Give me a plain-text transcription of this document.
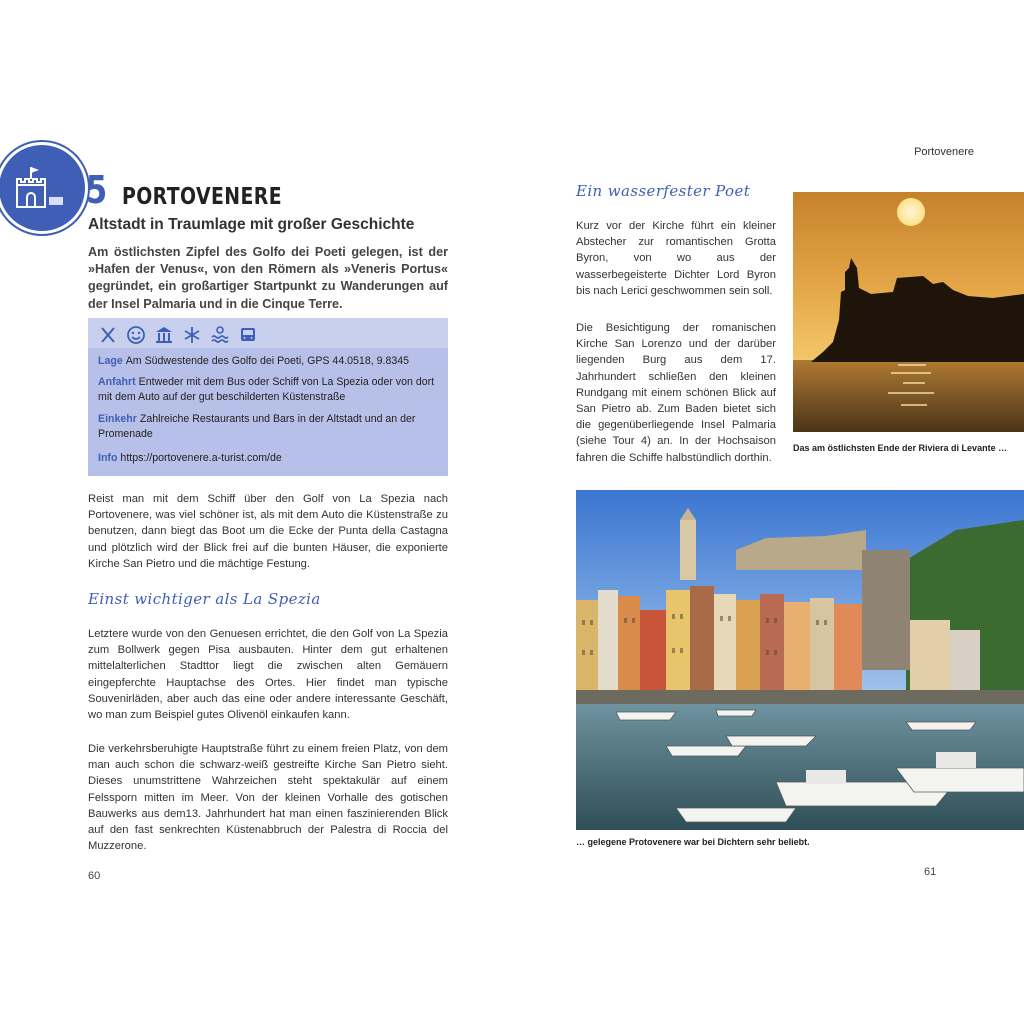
5 PORTOVENERE
Altstadt in Traumlage mit großer Geschichte
Am östlichsten Zipfel des Golfo dei Poeti gelegen, ist der »Hafen der Venus«, von den Römern als »Veneris Portus« gegründet, ein großartiger Startpunkt zu Wanderungen auf der Insel Palmaria und in die Cinque Terre.
Lage Am Südwestende des Golfo dei Poeti, GPS 44.0518, 9.8345
Anfahrt Entweder mit dem Bus oder Schiff von La Spezia oder von dort mit dem Auto auf der gut beschilderten Küstenstraße
Einkehr Zahlreiche Restaurants und Bars in der Altstadt und an der Promenade
Info https://portovenere.a-turist.com/de
Reist man mit dem Schiff über den Golf von La Spezia nach Portovenere, was viel schöner ist, als mit dem Auto die Küstenstraße zu benutzen, dann biegt das Boot um die Ecke der Punta della Castagna und plötzlich wird der Blick frei auf die bunten Häuser, die exponierte Kirche San Pietro und die mächtige Festung.
Einst wichtiger als La Spezia
Letztere wurde von den Genuesen errichtet, die den Golf von La Spezia zum Bollwerk gegen Pisa ausbauten. Hinter dem gut erhaltenen mittelalterlichen Stadttor liegt die zwischen alten Gemäuern eingepferchte Hauptachse des Ortes. Hier findet man typische Souvenirläden, aber auch das eine oder andere interessante Geschäft, wo man zum Beispiel gutes Olivenöl einkaufen kann.
Die verkehrsberuhigte Hauptstraße führt zu einem freien Platz, von dem man auch schon die schwarz-weiß gestreifte Kirche San Pietro sieht. Dieses unumstrittene Wahrzeichen steht spektakulär auf einem Felssporn mitten im Meer. Von der kleinen Vorhalle des gotischen Bauwerks aus dem13. Jahrhundert hat man einen faszinierenden Blick auf den fast senkrechten Küstenabbruch der Palestra di Roccia del Muzzerone.
60
Portovenere
Ein wasserfester Poet
Kurz vor der Kirche führt ein kleiner Abstecher zur romantischen Grotta Byron, von wo aus der wasserbegeisterte Dichter Lord Byron bis nach Lerici geschwommen sein soll.
Die Besichtigung der romanischen Kirche San Lorenzo und der darüber liegenden Burg aus dem 17. Jahrhundert schließen den kleinen Rundgang mit einem schönen Blick auf San Pietro ab. Zum Baden bietet sich die gegenüberliegende Insel Palmaria (siehe Tour 4) an. In der Hochsaison fahren die Schiffe halbstündlich dorthin.
Das am östlichsten Ende der Riviera di Levante …
… gelegene Protovenere war bei Dichtern sehr beliebt.
61
